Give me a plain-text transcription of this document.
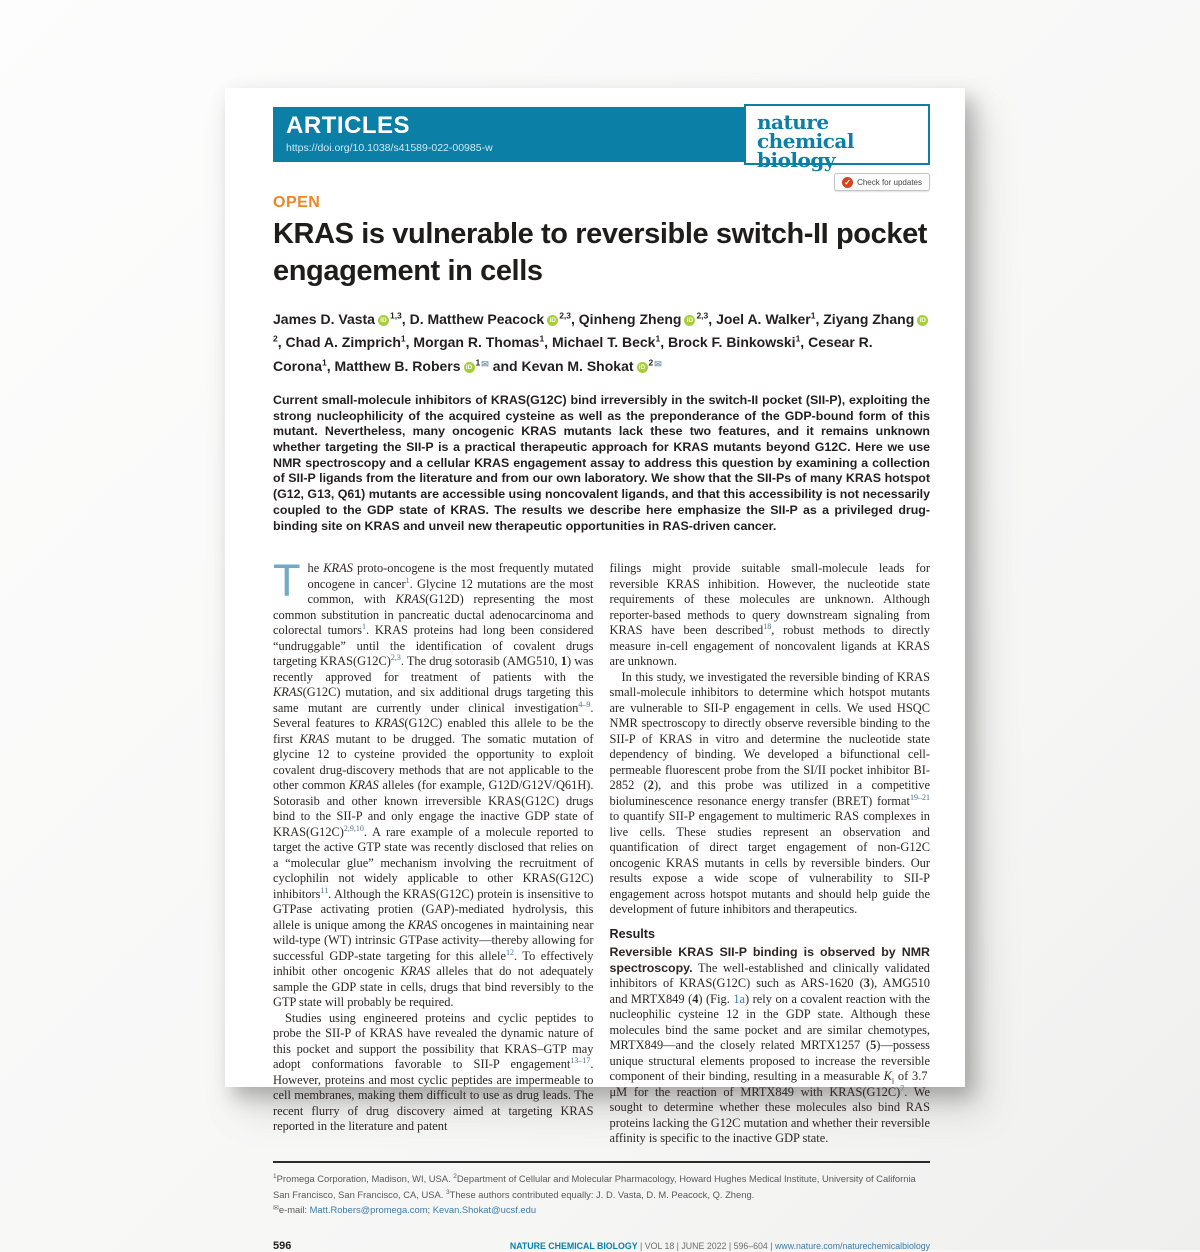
ARTICLES
https://doi.org/10.1038/s41589-022-00985-w
nature
chemical biology
✓ Check for updates
OPEN
KRAS is vulnerable to reversible switch-II pocket engagement in cells
James D. Vasta iD$^{1,3}$, D. Matthew Peacock iD$^{2,3}$, Qinheng Zheng iD$^{2,3}$, Joel A. Walker$^1$, Ziyang Zhang $iD^2$, Chad A. Zimprich$^1$, Morgan R. Thomas$^1$, Michael T. Beck$^1$, Brock F. Binkowski$^1$, Cesear R. Corona$^1$, Matthew B. Robers $iD^{1✉}$ and Kevan M. Shokat $iD^{2✉}$

Current small-molecule inhibitors of KRAS(G12C) bind irreversibly in the switch-II pocket (SII-P), exploiting the strong nucleophilicity of the acquired cysteine as well as the preponderance of the GDP-bound form of this mutant. Nevertheless, many oncogenic KRAS mutants lack these two features, and it remains unknown whether targeting the SII-P is a practical therapeutic approach for KRAS mutants beyond G12C. Here we use NMR spectroscopy and a cellular KRAS engagement assay to address this question by examining a collection of SII-P ligands from the literature and from our own laboratory. We show that the SII-Ps of many KRAS hotspot (G12, G13, Q61) mutants are accessible using noncovalent ligands, and that this accessibility is not necessarily coupled to the GDP state of KRAS. The results we describe here emphasize the SII-P as a privileged drug-binding site on KRAS and unveil new therapeutic opportunities in RAS-driven cancer.

The KRAS proto-oncogene is the most frequently mutated oncogene in cancer$^1$. Glycine 12 mutations are the most common, with KRAS(G12D) representing the most common substitution in pancreatic ductal adenocarcinoma and colorectal tumors$^1$. KRAS proteins had long been considered “undruggable” until the identification of covalent drugs targeting $KRAS(G12C)^{2,3}$. The drug sotorasib (AMG510, 1) was recently approved for treatment of patients with the KRAS(G12C) mutation, and six additional drugs targeting this same mutant are currently under clinical investigation$^{4-9}$. Several features to KRAS(G12C) enabled this allele to be the first KRAS mutant to be drugged. The somatic mutation of glycine 12 to cysteine provided the opportunity to exploit covalent drug-discovery methods that are not applicable to the other common KRAS alleles (for example, G12D/G12V/Q61H). Sotorasib and other known irreversible KRAS(G12C) drugs bind to the SII-P and only engage the inactive GDP state of $KRAS(G12C)^{2,9,10}$. A rare example of a molecule reported to target the active GTP state was recently disclosed that relies on a “molecular glue” mechanism involving the recruitment of cyclophilin not widely applicable to other KRAS(G12C) inhibitors$^{11}$. Although the KRAS(G12C) protein is insensitive to GTPase activating protien (GAP)-mediated hydrolysis, this allele is unique among the KRAS oncogenes in maintaining near wild-type (WT) intrinsic GTPase activity—thereby allowing for successful GDP-state targeting for this allele$^{12}$. To effectively inhibit other oncogenic KRAS alleles that do not adequately sample the GDP state in cells, drugs that bind reversibly to the GTP state will probably be required.

Studies using engineered proteins and cyclic peptides to probe the SII-P of KRAS have revealed the dynamic nature of this pocket and support the possibility that KRAS–GTP may adopt conformations favorable to SII-P engagement$^{13-17}$. However, proteins and most cyclic peptides are impermeable to cell membranes, making them difficult to use as drug leads. The recent flurry of drug discovery aimed at targeting KRAS reported in the literature and patent

filings might provide suitable small-molecule leads for reversible KRAS inhibition. However, the nucleotide state requirements of these molecules are unknown. Although reporter-based methods to query downstream signaling from KRAS have been described$^{18}$, robust methods to directly measure in-cell engagement of noncovalent ligands at KRAS are unknown.

In this study, we investigated the reversible binding of KRAS small-molecule inhibitors to determine which hotspot mutants are vulnerable to SII-P engagement in cells. We used HSQC NMR spectroscopy to directly observe reversible binding to the SII-P of KRAS in vitro and determine the nucleotide state dependency of binding. We developed a bifunctional cell-permeable fluorescent probe from the SI/II pocket inhibitor BI-2852 (2), and this probe was utilized in a competitive bioluminescence resonance energy transfer (BRET) format$^{19-21}$ to quantify SII-P engagement to multimeric RAS complexes in live cells. These studies represent an observation and quantification of direct target engagement of non-G12C oncogenic KRAS mutants in cells by reversible binders. Our results expose a wide scope of vulnerability to SII-P engagement across hotspot mutants and should help guide the development of future inhibitors and therapeutics.

Results

Reversible KRAS SII-P binding is observed by NMR spectroscopy. The well-established and clinically validated inhibitors of KRAS(G12C) such as ARS-1620 (3), AMG510 and MRTX849 (4) (Fig. 1a) rely on a covalent reaction with the nucleophilic cysteine 12 in the GDP state. Although these molecules bind the same pocket and are similar chemotypes, MRTX849—and the closely related MRTX1257 (5)—possess unique structural elements proposed to increase the reversible component of their binding, resulting in a measurable $K_i$ of 3.7 μM for the reaction of MRTX849 with $KRAS(G12C)^7$. We sought to determine whether these molecules also bind RAS proteins lacking the G12C mutation and whether their reversible affinity is specific to the inactive GDP state.

$^1$Promega Corporation, Madison, WI, USA. $^2$Department of Cellular and Molecular Pharmacology, Howard Hughes Medical Institute, University of California San Francisco, San Francisco, CA, USA. $^3$These authors contributed equally: J. D. Vasta, D. M. Peacock, Q. Zheng.

✉e-mail: Matt.Robers@promega.com; Kevan.Shokat@ucsf.edu

596	NATURE CHEMICAL BIOLOGY | VOL 18 | JUNE 2022 | 596–604 | www.nature.com/naturechemicalbiology
